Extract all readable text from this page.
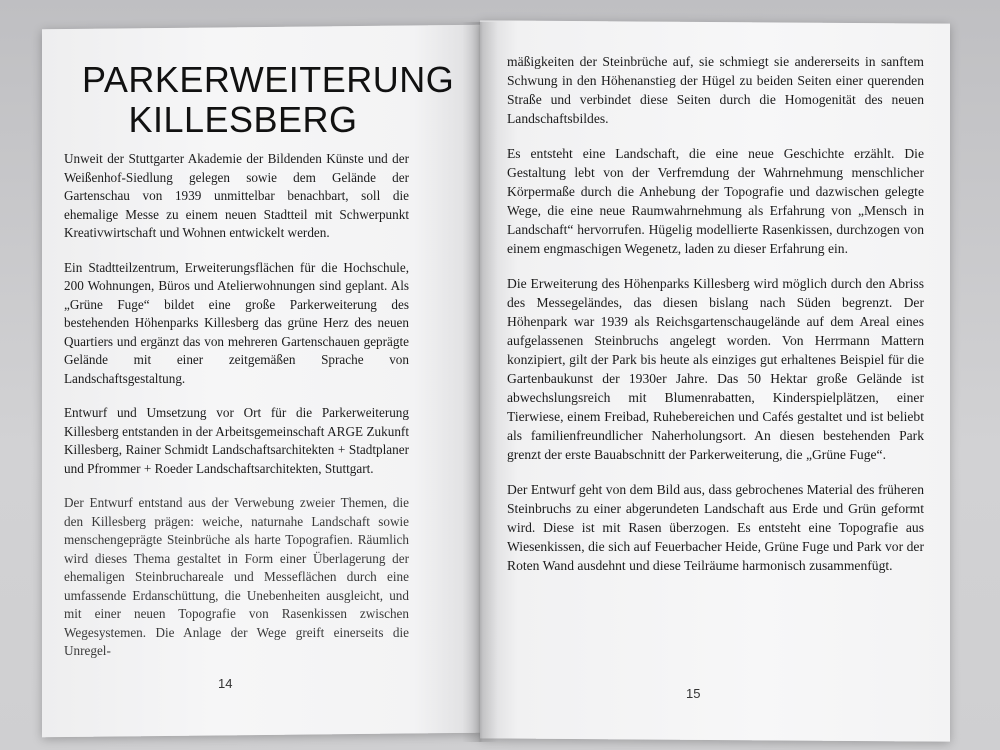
PARKERWEITERUNG
KILLESBERG

Unweit der Stuttgarter Akademie der Bildenden Künste und der Weißenhof-Siedlung gelegen sowie dem Gelände der Gartenschau von 1939 unmittelbar benachbart, soll die ehemalige Messe zu einem neuen Stadtteil mit Schwerpunkt Kreativwirtschaft und Wohnen entwickelt werden.

Ein Stadtteilzentrum, Erweiterungsflächen für die Hochschule, 200 Wohnungen, Büros und Atelierwohnungen sind geplant. Als „Grüne Fuge“ bildet eine große Parkerweiterung des bestehenden Höhenparks Killesberg das grüne Herz des neuen Quartiers und ergänzt das von mehreren Gartenschauen geprägte Gelände mit einer zeitgemäßen Sprache von Landschaftsgestaltung.

Entwurf und Umsetzung vor Ort für die Parkerweiterung Killesberg entstanden in der Arbeitsgemeinschaft ARGE Zukunft Killesberg, Rainer Schmidt Landschaftsarchitekten + Stadtplaner und Pfrommer + Roeder Landschaftsarchitekten, Stuttgart.

Der Entwurf entstand aus der Verwebung zweier Themen, die den Killesberg prägen: weiche, naturnahe Landschaft sowie menschengeprägte Steinbrüche als harte Topografien. Räumlich wird dieses Thema gestaltet in Form einer Überlagerung der ehemaligen Steinbruchareale und Messeflächen durch eine umfassende Erdanschüttung, die Unebenheiten ausgleicht, und mit einer neuen Topografie von Rasenkissen zwischen Wegesystemen. Die Anlage der Wege greift einerseits die Unregel-

mäßigkeiten der Steinbrüche auf, sie schmiegt sie andererseits in sanftem Schwung in den Höhenanstieg der Hügel zu beiden Seiten einer querenden Straße und verbindet diese Seiten durch die Homogenität des neuen Landschaftsbildes.

Es entsteht eine Landschaft, die eine neue Geschichte erzählt. Die Gestaltung lebt von der Verfremdung der Wahrnehmung menschlicher Körpermaße durch die Anhebung der Topografie und dazwischen gelegte Wege, die eine neue Raumwahrnehmung als Erfahrung von „Mensch in Landschaft“ hervorrufen. Hügelig modellierte Rasenkissen, durchzogen von einem engmaschigen Wegenetz, laden zu dieser Erfahrung ein.

Die Erweiterung des Höhenparks Killesberg wird möglich durch den Abriss des Messegeländes, das diesen bislang nach Süden begrenzt. Der Höhenpark war 1939 als Reichsgartenschaugelände auf dem Areal eines aufgelassenen Steinbruchs angelegt worden. Von Herrmann Mattern konzipiert, gilt der Park bis heute als einziges gut erhaltenes Beispiel für die Gartenbaukunst der 1930er Jahre. Das 50 Hektar große Gelände ist abwechslungsreich mit Blumenrabatten, Kinderspielplätzen, einer Tierwiese, einem Freibad, Ruhebereichen und Cafés gestaltet und ist beliebt als familienfreundlicher Naherholungsort. An diesen bestehenden Park grenzt der erste Bauabschnitt der Parkerweiterung, die „Grüne Fuge“.

Der Entwurf geht von dem Bild aus, dass gebrochenes Material des früheren Steinbruchs zu einer abgerundeten Landschaft aus Erde und Grün geformt wird. Diese ist mit Rasen überzogen. Es entsteht eine Topografie aus Wiesenkissen, die sich auf Feuerbacher Heide, Grüne Fuge und Park vor der Roten Wand ausdehnt und diese Teilräume harmonisch zusammenfügt.

14
15
